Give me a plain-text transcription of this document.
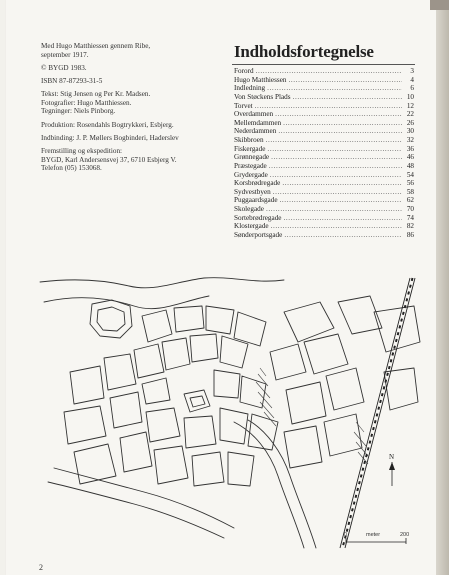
Med Hugo Matthiessen gennem Ribe,
september 1917.

© BYGD 1983.

ISBN 87-87293-31-5

Tekst: Stig Jensen og Per Kr. Madsen.
Fotografier: Hugo Matthiessen.
Tegninger: Niels Pinborg.

Produktion: Rosendahls Bogtrykkeri, Esbjerg.

Indbinding: J. P. Møllers Bogbinderi, Haderslev

Fremstilling og ekspedition:
BYGD, Karl Andersensvej 37, 6710 Esbjerg V.
Telefon (05) 153068.

Indholdsfortegnelse
Forord .....	3
Hugo Matthiessen .....	4
Indledning .....	6
Von Støckens Plads .....	10
Torvet .....	12
Overdammen .....	22
Mellemdammen .....	26
Nederdammen .....	30
Skibbroen .....	32
Fiskergade .....	36
Grønnegade .....	46
Præstegade .....	48
Grydergade .....	54
Korsbrødregade .....	56
Sydvestbyen .....	58
Puggaardsgade .....	62
Skolegade .....	70
Sortebrødregade .....	74
Klostergade .....	82
Sønderportsgade .....	86
N
0	meter	200
2
